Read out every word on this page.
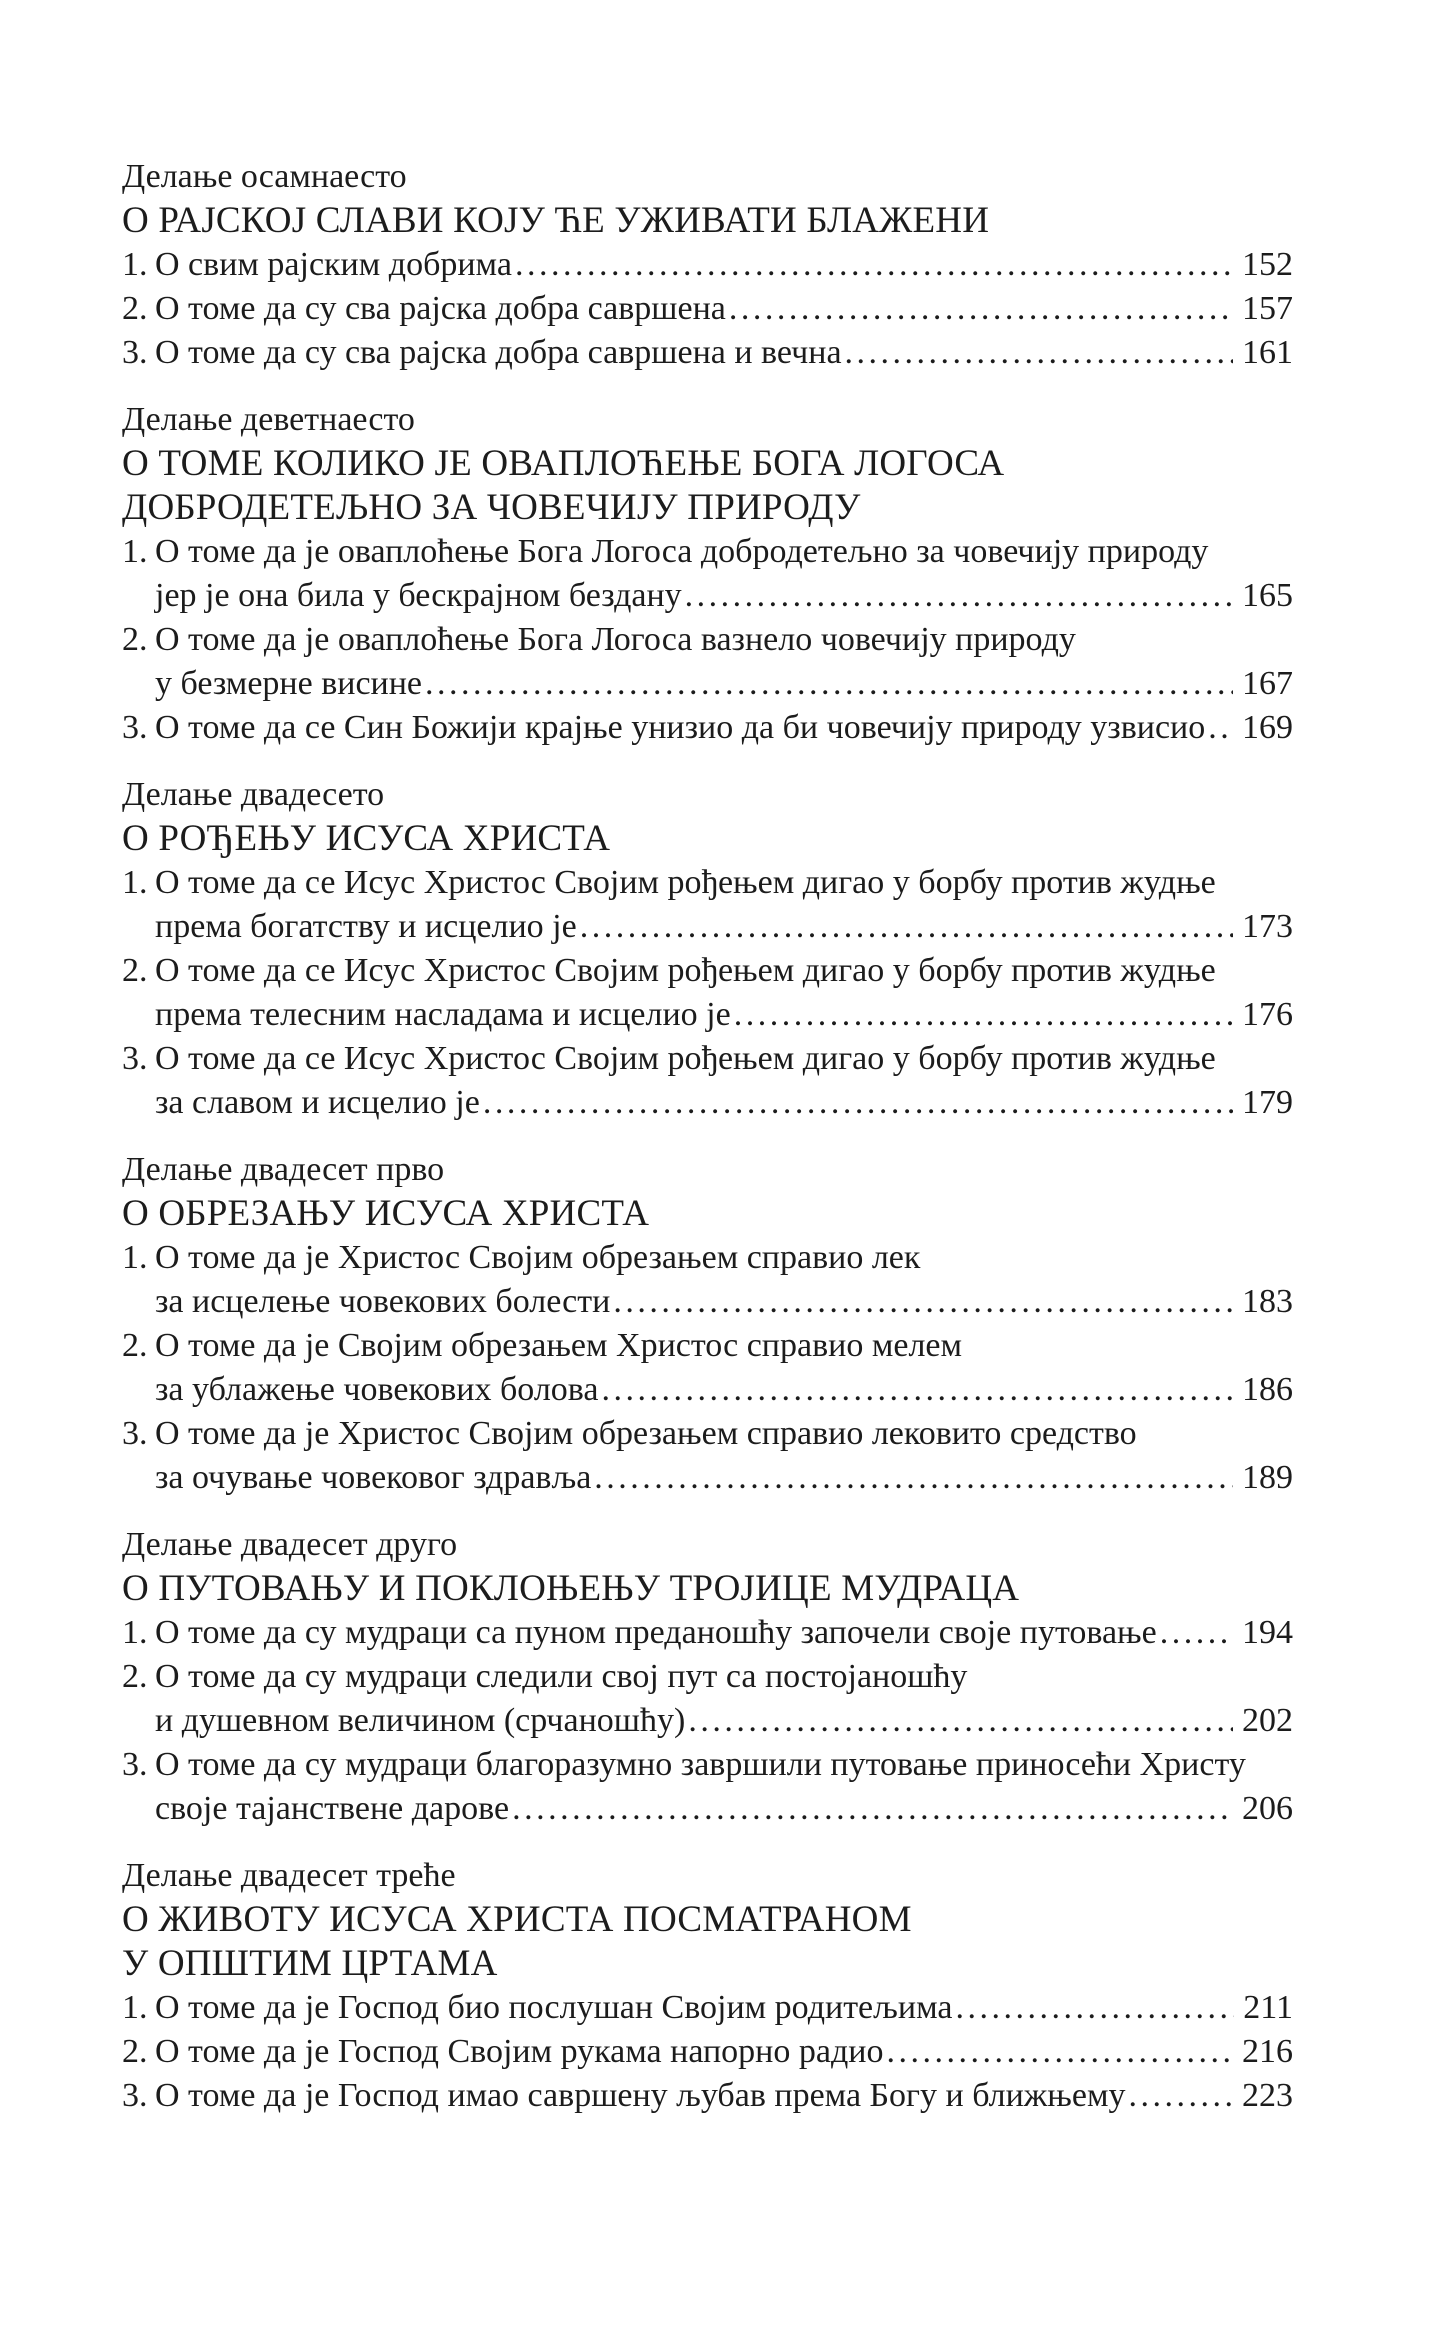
Делање осамнаесто
О РАЈСКОЈ СЛАВИ КОЈУ ЋЕ УЖИВАТИ БЛАЖЕНИ
1. О свим рајским добрима .....	152
2. О томе да су сва рајска добра савршена .....	157
3. О томе да су сва рајска добра савршена и вечна .....	161
Делање деветнаесто
О ТОМЕ КОЛИКО ЈЕ ОВАПЛОЋЕЊЕ БОГА ЛОГОСА
ДОБРОДЕТЕЉНО ЗА ЧОВЕЧИЈУ ПРИРОДУ
1. О томе да је оваплоћење Бога Логоса добродетељно за човечију природу
јер је она била у бескрајном бездану .....	165
2. О томе да је оваплоћење Бога Логоса вазнело човечију природу
у безмерне висине .....	167
3. О томе да се Син Божији крајње унизио да би човечију природу узвисио ..... 169
Делање двадесето
О РОЂЕЊУ ИСУСА ХРИСТА
1. О томе да се Исус Христос Својим рођењем дигао у борбу против жудње
према богатству и исцелио је .....	173
2. О томе да се Исус Христос Својим рођењем дигао у борбу против жудње
према телесним насладама и исцелио је .....	176
3. О томе да се Исус Христос Својим рођењем дигао у борбу против жудње
за славом и исцелио је .....	179
Делање двадесет прво
О ОБРЕЗАЊУ ИСУСА ХРИСТА
1. О томе да је Христос Својим обрезањем справио лек
за исцелење човекових болести .....	183
2. О томе да је Својим обрезањем Христос справио мелем
за ублажење човекових болова .....	186
3. О томе да је Христос Својим обрезањем справио лековито средство
за очување човековог здравља .....	189
Делање двадесет друго
О ПУТОВАЊУ И ПОКЛОЊЕЊУ ТРОЈИЦЕ МУДРАЦА
1. О томе да су мудраци са пуном преданошћу започели своје путовање .....	194
2. О томе да су мудраци следили свој пут са постојаношћу
и душевном величином (срчаношћу) .....	202
3. О томе да су мудраци благоразумно завршили путовање приносећи Христу
своје тајанствене дарове .....	206
Делање двадесет треће
О ЖИВОТУ ИСУСА ХРИСТА ПОСМАТРАНОМ
У ОПШТИМ ЦРТАМА
1. О томе да је Господ био послушан Својим родитељима .....	211
2. О томе да је Господ Својим рукама напорно радио .....	216
3. О томе да је Господ имао савршену љубав према Богу и ближњему .....	223
